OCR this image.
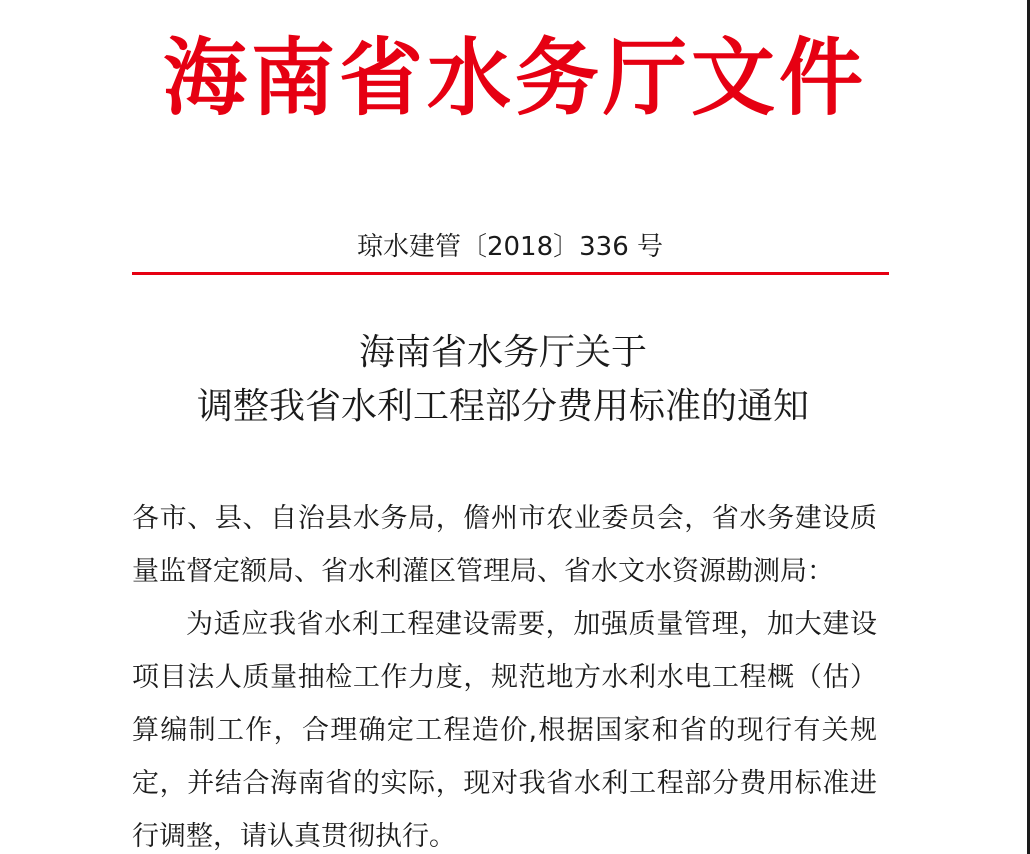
海南省水务厅文件
琼水建管〔2018〕336 号
海南省水务厅关于
调整我省水利工程部分费用标准的通知

各市、县、自治县水务局，儋州市农业委员会，省水务建设质量监督定额局、省水利灌区管理局、省水文水资源勘测局：

为适应我省水利工程建设需要，加强质量管理，加大建设项目法人质量抽检工作力度，规范地方水利水电工程概（估）算编制工作，合理确定工程造价,根据国家和省的现行有关规定，并结合海南省的实际，现对我省水利工程部分费用标准进行调整，请认真贯彻执行。
